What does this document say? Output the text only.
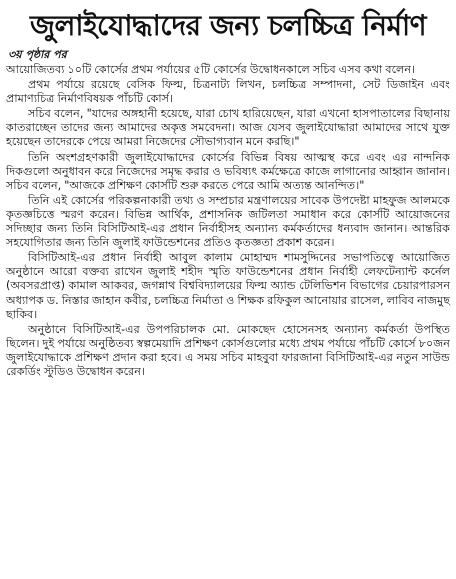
জুলাইযোদ্ধাদের জন্য চলচ্চিত্র নির্মাণ
৩য় পৃষ্ঠার পর

আয়োজিতব্য ১০টি কোর্সের প্রথম পর্যায়ের ৫টি কোর্সের উদ্বোধনকালে সচিব এসব কথা বলেন।

প্রথম পর্যায়ে রয়েছে বেসিক ফিল্ম, চিত্রনাট্য লিখন, চলচ্চিত্র সম্পাদনা, সেট ডিজাইন এবং প্রামাণ্যচিত্র নির্মাণবিষয়ক পাঁচটি কোর্স।

সচিব বলেন, "যাদের অঙ্গহানী হয়েছে, যারা চোখ হারিয়েছেন, যারা এখনো হাসপাতালের বিছানায় কাতরাচ্ছেন তাদের জন্য আমাদের অকৃত্ত সমবেদনা। আজ যেসব জুলাইযোদ্ধারা আমাদের সাথে যুক্ত হয়েছেন তাদেরকে পেয়ে আমরা নিজেদের সৌভাগ্যবান মনে করছি।"

তিনি অংশগ্রহণকারী জুলাইযোদ্ধাদের কোর্সের বিভিন্ন বিষয় আত্মস্থ করে এবং এর নান্দনিক দিকগুলো অনুধাবন করে নিজেদের সমৃদ্ধ করার ও ভবিষ্যৎ কর্মক্ষেত্রে কাজে লাগানোর আহ্বান জানান। সচিব বলেন, "আজকে প্রশিক্ষণ কোর্সটি শুরু করতে পেরে আমি অত্যন্ত আনন্দিত।"

তিনি এই কোর্সের পরিকল্পনাকারী তথ্য ও সম্প্রচার মন্ত্রণালয়ের সাবেক উপদেষ্টা মাহফুজ আলমকে কৃতজ্ঞচিত্তে স্মরণ করেন। বিভিন্ন আর্থিক, প্রশাসনিক জটিলতা সমাধান করে কোর্সটি আয়োজনের সদিচ্ছার জন্য তিনি বিসিটিআই-এর প্রধান নির্বাহীসহ অন্যান্য কর্মকর্তাদের ধন্যবাদ জানান। আন্তরিক সহযোগিতার জন্য তিনি জুলাই ফাউন্ডেশনের প্রতিও কৃতজ্ঞতা প্রকাশ করেন।

বিসিটিআই-এর প্রধান নির্বাহী আবুল কালাম মোহাম্মদ শামসুদ্দিনের সভাপতিত্বে আয়োজিত অনুষ্ঠানে আরো বক্তব্য রাখেন জুলাই শহীদ স্মৃতি ফাউন্ডেশনের প্রধান নির্বাহী লেফটেন্যান্ট কর্নেল (অবসরপ্রাপ্ত) কামাল আকবর, জগন্নাথ বিশ্ববিদ্যালয়ের ফিল্ম অ্যান্ড টেলিভিশন বিভাগের চেয়ারপারসন অধ্যাপক ড. নিস্তার জাহান কবীর, চলচ্চিত্র নির্মাতা ও শিক্ষক রফিকুল আনোয়ার রাসেল, লাবিব নাজমুছ ছাকিব।

অনুষ্ঠানে বিসিটিআই-এর উপপরিচালক মো. মোকছেদ হোসেনসহ অন্যান্য কর্মকর্তা উপস্থিত ছিলেন। দুই পর্যায়ে অনুষ্ঠিতব্য স্বল্পমেয়াদি প্রশিক্ষণ কোর্সগুলোর মধ্যে প্রথম পর্যায়ে পাঁচটি কোর্সে ৮০জন জুলাইযোদ্ধাকে প্রশিক্ষণ প্রদান করা হবে। এ সময় সচিব মাহবুবা ফারজানা বিসিটিআই-এর নতুন সাউন্ড রেকর্ডিং স্টুডিও উদ্বোধন করেন।
